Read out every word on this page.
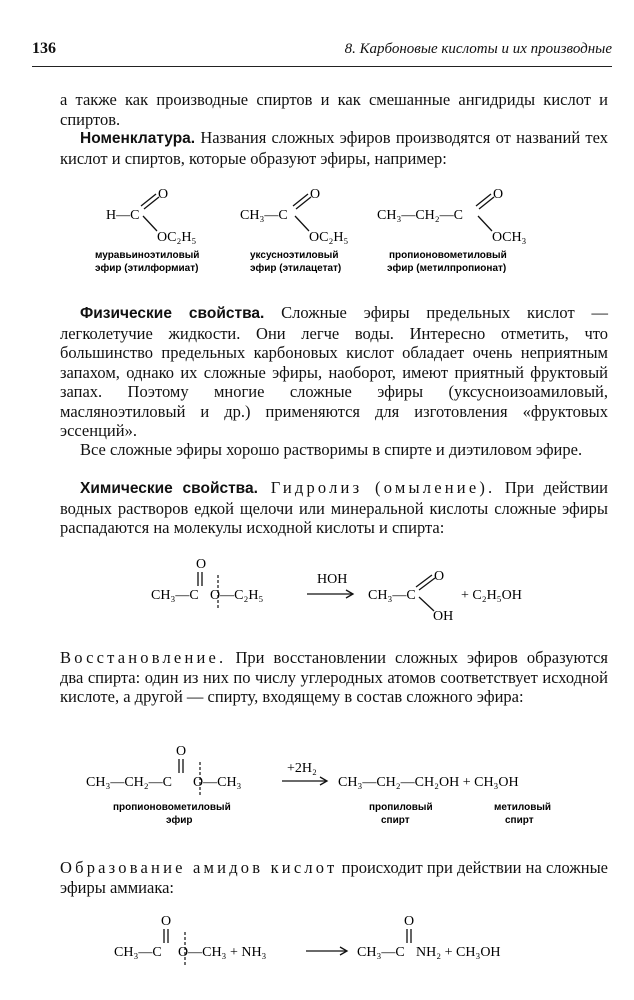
136	8. Карбоновые кислоты и их производные
а также как производные спиртов и как смешанные ангидриды кислот и спиртов.
Номенклатура. Названия сложных эфиров производятся от названий тех кислот и спиртов, которые образуют эфиры, например:
H—C
O
OC₂H₅
муравьиноэтиловый
эфир (этилформиат)
CH₃—C
O
OC₂H₅
уксусноэтиловый
эфир (этилацетат)
CH₃—CH₂—C
O
OCH₃
пропионовометиловый
эфир (метилпропионат)
Физические свойства. Сложные эфиры предельных кислот — легколетучие жидкости. Они легче воды. Интересно отметить, что большинство предельных карбоновых кислот обладает очень неприятным запахом, однако их сложные эфиры, наоборот, имеют приятный фруктовый запах. Поэтому многие сложные эфиры (уксуснoизоамиловый, масляноэтиловый и др.) применяются для изготовления «фруктовых эссенций».
Все сложные эфиры хорошо растворимы в спирте и диэтиловом эфире.
Химические свойства. Гидролиз (омыление). При действии водных растворов едкой щелочи или минеральной кислоты сложные эфиры распадаются на молекулы исходной кислоты и спирта:
O
CH₃—C O—C₂H₅
HOH
CH₃—C
O
OH
+ C₂H₅OH
Восстановление. При восстановлении сложных эфиров образуются два спирта: один из них по числу углеродных атомов соответствует исходной кислоте, а другой — спирту, входящему в состав сложного эфира:
O
CH₃—CH₂—C O—CH₃
+2H₂
CH₃—CH₂—CH₂OH + CH₃OH
пропионовометиловый
эфир
пропиловый
спирт
метиловый
спирт
Образование амидов кислот происходит при действии на сложные эфиры аммиака:
O
CH₃—C O—CH₃ + NH₃
O
CH₃—C NH₂ + CH₃OH
